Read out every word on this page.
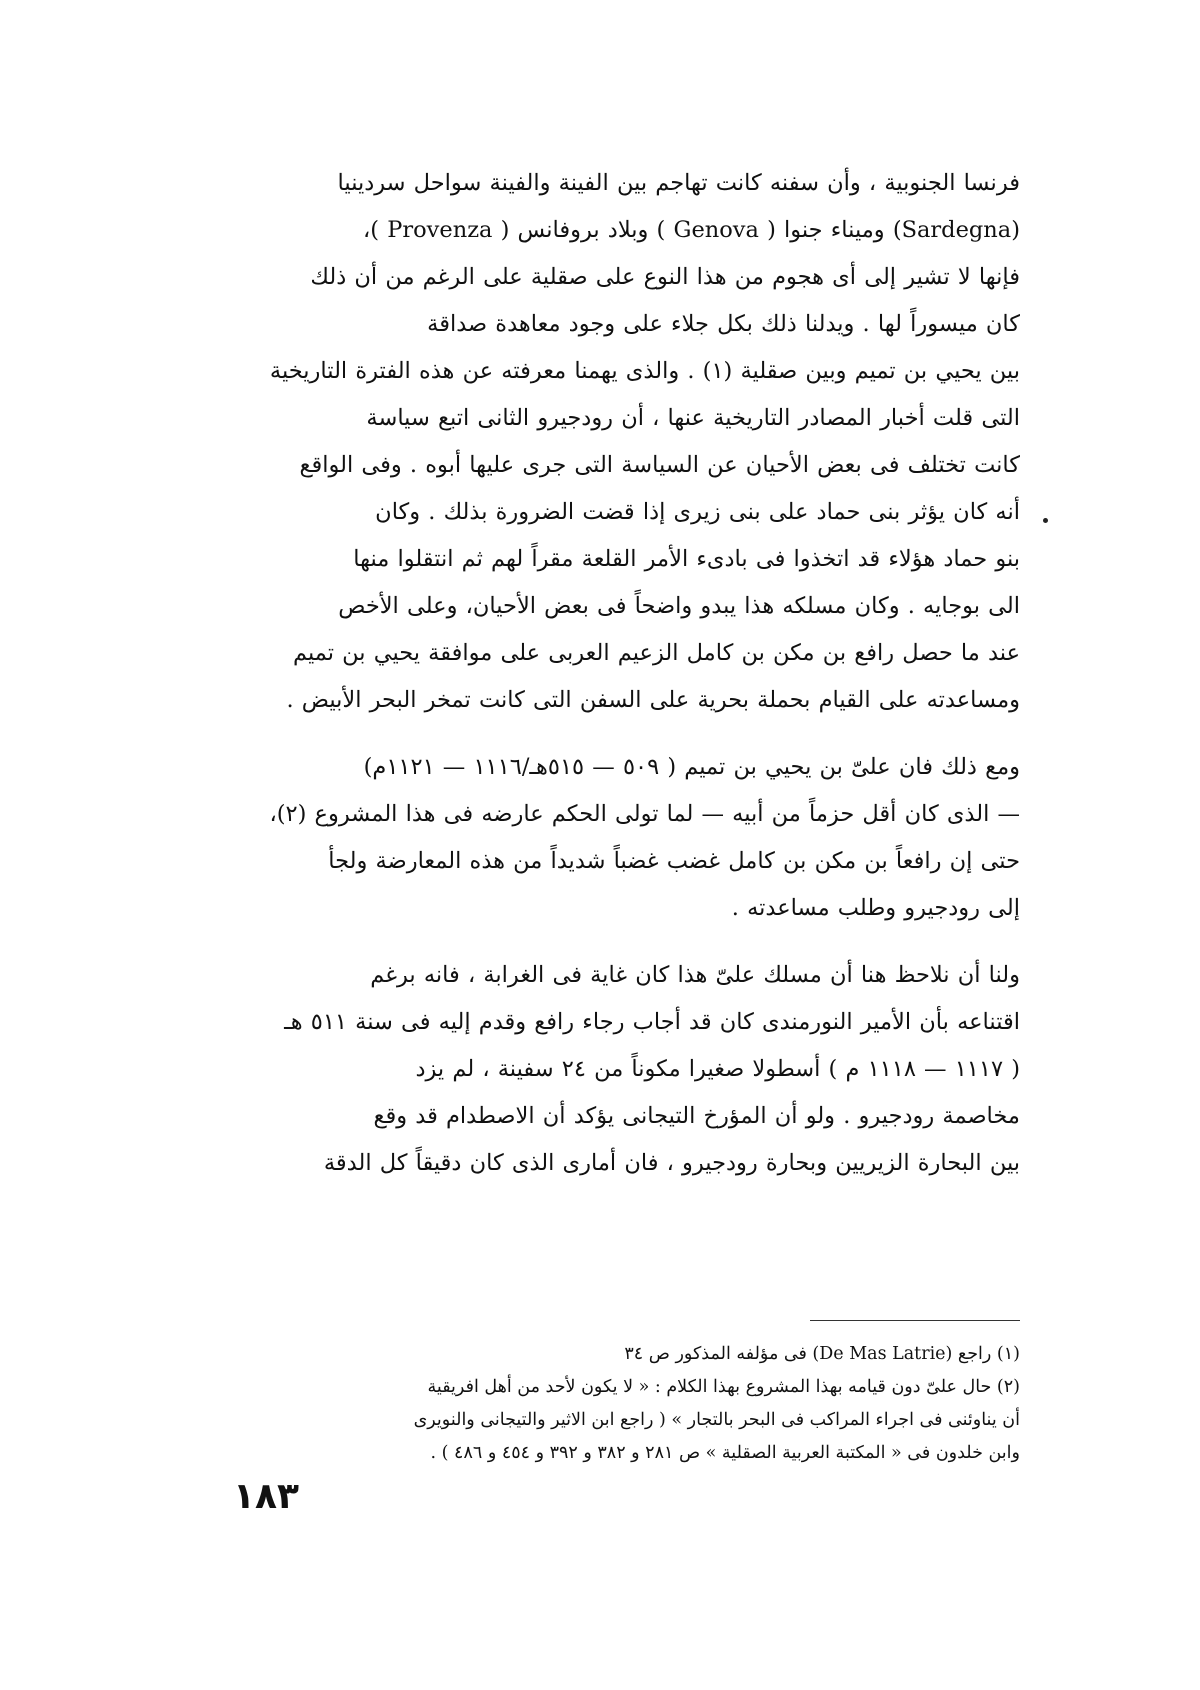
فرنسا الجنوبية ، وأن سفنه كانت تهاجم بين الفينة والفينة سواحل سردينيا
(Sardegna) وميناء جنوا ( Genova ) وبلاد بروفانس ( Provenza )،
فإنها لا تشير إلى أى هجوم من هذا النوع على صقلية على الرغم من أن ذلك
كان ميسوراً لها . ويدلنا ذلك بكل جلاء على وجود معاهدة صداقة
بين يحيي بن تميم وبين صقلية (١) . والذى يهمنا معرفته عن هذه الفترة التاريخية
التى قلت أخبار المصادر التاريخية عنها ، أن رودجيرو الثانى اتبع سياسة
كانت تختلف فى بعض الأحيان عن السياسة التى جرى عليها أبوه . وفى الواقع
أنه كان يؤثر بنى حماد على بنى زيرى إذا قضت الضرورة بذلك . وكان
بنو حماد هؤلاء قد اتخذوا فى بادىء الأمر القلعة مقراً لهم ثم انتقلوا منها
الى بوجايه . وكان مسلكه هذا يبدو واضحاً فى بعض الأحيان، وعلى الأخص
عند ما حصل رافع بن مكن بن كامل الزعيم العربى على موافقة يحيي بن تميم
ومساعدته على القيام بحملة بحرية على السفن التى كانت تمخر البحر الأبيض .

ومع ذلك فان علىّ بن يحيي بن تميم ( ٥٠٩ — ٥١٥هـ/١١١٦ — ١١٢١م)
— الذى كان أقل حزماً من أبيه — لما تولى الحكم عارضه فى هذا المشروع (٢)،
حتى إن رافعاً بن مكن بن كامل غضب غضباً شديداً من هذه المعارضة ولجأ
إلى رودجيرو وطلب مساعدته .

ولنا أن نلاحظ هنا أن مسلك علىّ هذا كان غاية فى الغرابة ، فانه برغم
اقتناعه بأن الأمير النورمندى كان قد أجاب رجاء رافع وقدم إليه فى سنة ٥١١ هـ
( ١١١٧ — ١١١٨ م ) أسطولا صغيرا مكوناً من ٢٤ سفينة ، لم يزد
مخاصمة رودجيرو . ولو أن المؤرخ التيجانى يؤكد أن الاصطدام قد وقع
بين البحارة الزيريين وبحارة رودجيرو ، فان أمارى الذى كان دقيقاً كل الدقة

(١) راجع (De Mas Latrie) فى مؤلفه المذكور ص ٣٤
(٢) حال علىّ دون قيامه بهذا المشروع بهذا الكلام : « لا يكون لأحد من أهل افريقية
أن يناوئنى فى اجراء المراكب فى البحر بالتجار » ( راجع ابن الاثير والتيجانى والنويرى
وابن خلدون فى « المكتبة العربية الصقلية » ص ٢٨١ و ٣٨٢ و ٣٩٢ و ٤٥٤ و ٤٨٦ ) .
١٨٣
